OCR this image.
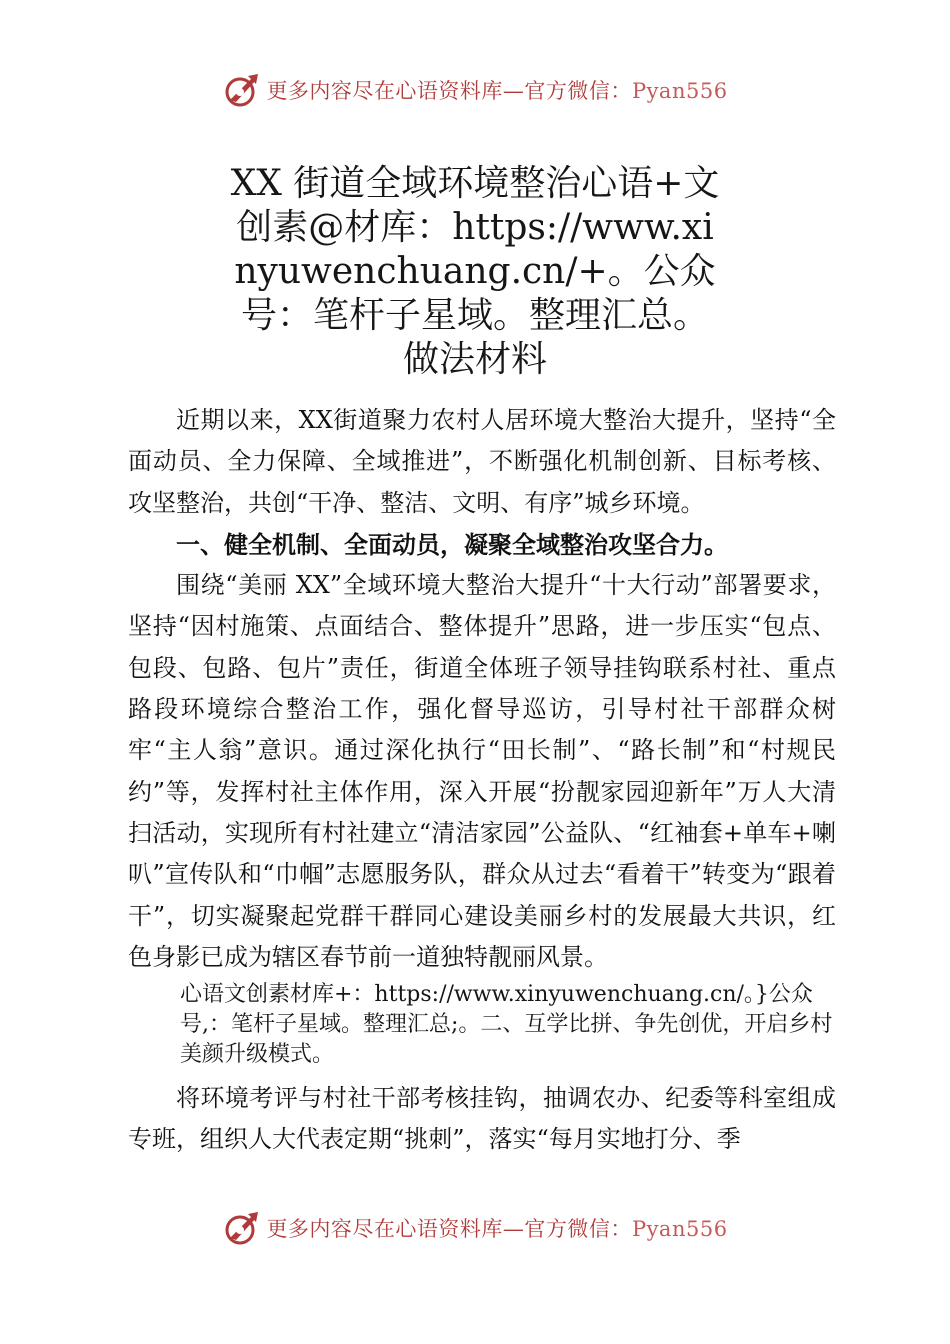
更多内容尽在心语资料库—官方微信：Pyan556
XX 街道全域环境整治心语+文创素@材库：https://www.xinyuwenchuang.cn/+。公众号：笔杆子星域。整理汇总。做法材料

近期以来，XX街道聚力农村人居环境大整治大提升，坚持“全面动员、全力保障、全域推进”，不断强化机制创新、目标考核、攻坚整治，共创“干净、整洁、文明、有序”城乡环境。

一、健全机制、全面动员，凝聚全域整治攻坚合力。

围绕“美丽 XX”全域环境大整治大提升“十大行动”部署要求，坚持“因村施策、点面结合、整体提升”思路，进一步压实“包点、包段、包路、包片”责任，街道全体班子领导挂钩联系村社、重点路段环境综合整治工作，强化督导巡访，引导村社干部群众树牢“主人翁”意识。通过深化执行“田长制”、“路长制”和“村规民约”等，发挥村社主体作用，深入开展“扮靓家园迎新年”万人大清扫活动，实现所有村社建立“清洁家园”公益队、“红袖套+单车+喇叭”宣传队和“巾帼”志愿服务队，群众从过去“看着干”转变为“跟着干”，切实凝聚起党群干群同心建设美丽乡村的发展最大共识，红色身影已成为辖区春节前一道独特靓丽风景。

心语文创素材库+：https://www.xinyuwenchuang.cn/。}公众号,：笔杆子星域。整理汇总;。二、互学比拼、争先创优，开启乡村美颜升级模式。

将环境考评与村社干部考核挂钩，抽调农办、纪委等科室组成专班，组织人大代表定期“挑刺”，落实“每月实地打分、季

更多内容尽在心语资料库—官方微信：Pyan556
